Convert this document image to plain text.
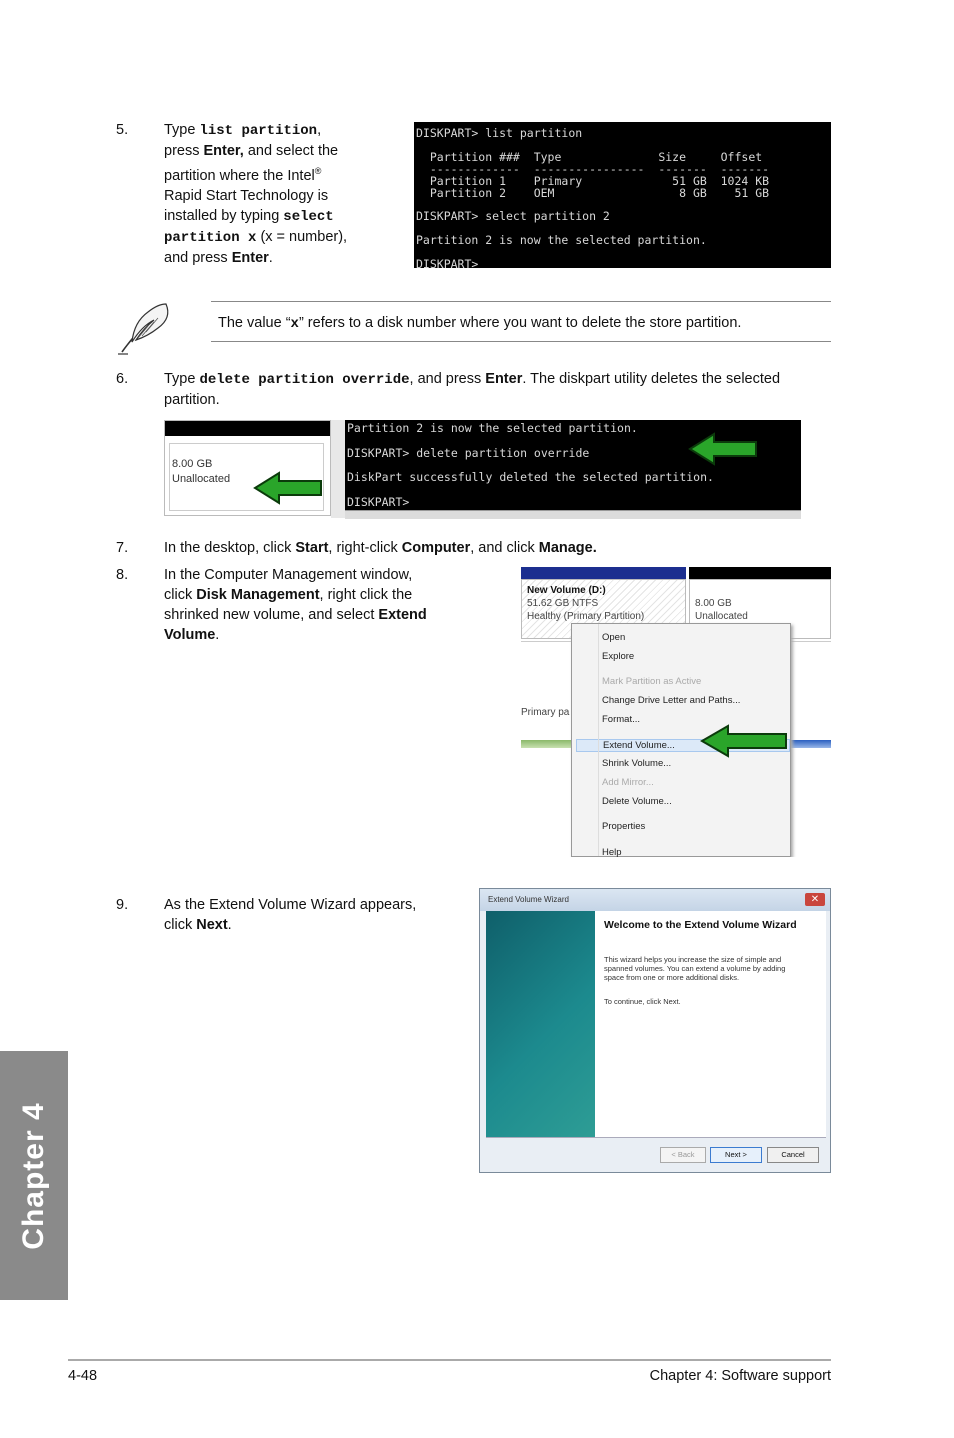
5. Type list partition,
press Enter, and select the
partition where the Intel®
Rapid Start Technology is
installed by typing select
partition x (x = number),
and press Enter.
DISKPART> list partition
Partition ###  Type              Size     Offset
-------------  ----------------  -------  -------
Partition 1    Primary             51 GB  1024 KB
Partition 2    OEM                  8 GB    51 GB
DISKPART> select partition 2
Partition 2 is now the selected partition.
DISKPART>
The value “x” refers to a disk number where you want to delete the store partition.
6. Type delete partition override, and press Enter. The diskpart utility deletes the selected
partition.
8.00 GB
Unallocated
Partition 2 is now the selected partition.
DISKPART> delete partition override
DiskPart successfully deleted the selected partition.
DISKPART>
7. In the desktop, click Start, right-click Computer, and click Manage.
8. In the Computer Management window,
click Disk Management, right click the
shrinked new volume, and select Extend
Volume.
New Volume (D:)
51.62 GB NTFS
Healthy (Primary Partition)
8.00 GB
Unallocated
Primary pa
Open
Explore
Mark Partition as Active
Change Drive Letter and Paths...
Format...
Extend Volume...
Shrink Volume...
Add Mirror...
Delete Volume...
Properties
Help
9. As the Extend Volume Wizard appears,
click Next.
Extend Volume Wizard	✕
Welcome to the Extend Volume Wizard
This wizard helps you increase the size of simple and spanned volumes. You can extend a volume by adding space from one or more additional disks.
To continue, click Next.
< Back	Next >	Cancel
Chapter 4
4-48	Chapter 4: Software support
